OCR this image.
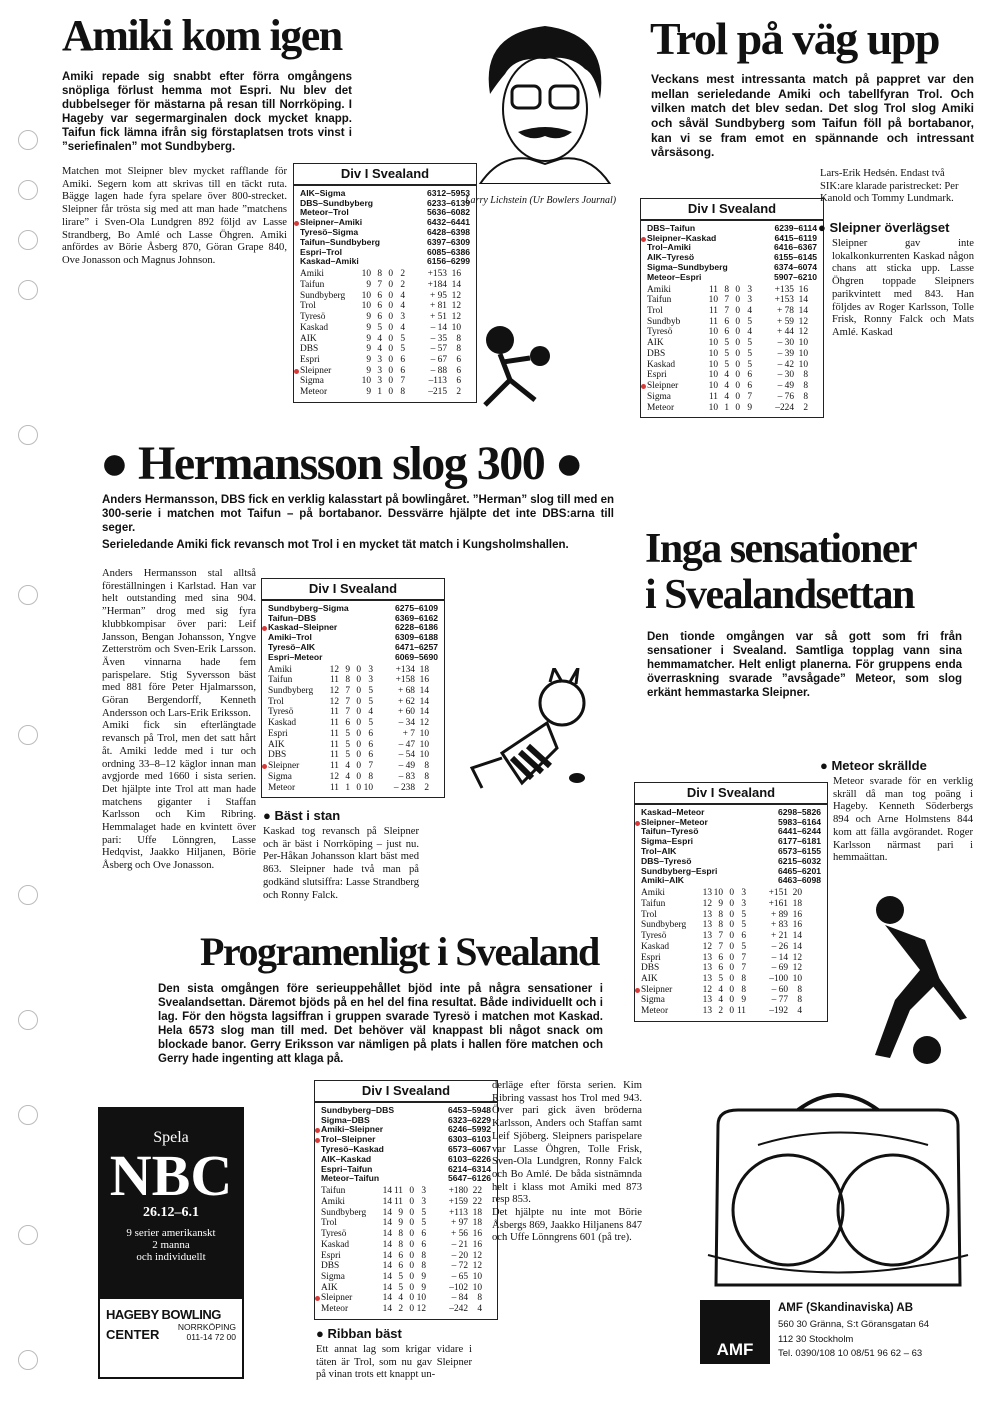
Amiki kom igen
Amiki repade sig snabbt efter förra omgångens snöpliga förlust hemma mot Espri. Nu blev det dubbelseger för mästarna på resan till Norrköping. I Hageby var segermarginalen dock mycket knapp. Taifun fick lämna ifrån sig förstaplatsen trots vinst i ”seriefinalen” mot Sundbyberg.
Matchen mot Sleipner blev mycket rafflande för Amiki. Segern kom att skrivas till en täckt ruta. Bägge lagen hade fyra spelare över 800-strecket. Sleipner får trösta sig med att man hade ”matchens lirare” i Sven-Ola Lundgren 892 följd av Lasse Strandberg, Bo Amlé och Lasse Öhgren. Amiki anfördes av Börie Åsberg 870, Göran Grape 840, Ove Jonasson och Magnus Johnson.
Div I Svealand
AIK–Sigma	6312–5953
DBS–Sundbyberg	6233–6139
Meteor–Trol	5636–6082
Sleipner–Amiki	6432–6441
Tyresö–Sigma	6428–6398
Taifun–Sundbyberg	6397–6309
Espri–Trol	6085–6386
Kaskad–Amiki	6156–6299
Amiki	10 8 0 2	+153 16
Taifun	9 7 0 2	+184 14
Sundbyberg	10 6 0 4	+ 95 12
Trol	10 6 0 4	+ 81 12
Tyresö	9 6 0 3	+ 51 12
Kaskad	9 5 0 4	– 14 10
AIK	9 4 0 5	– 35 8
DBS	9 4 0 5	– 57 8
Espri	9 3 0 6	– 67 6
Sleipner	9 3 0 6	– 88 6
Sigma	10 3 0 7	–113 6
Meteor	9 1 0 8	–215 2
Larry Lichstein (Ur Bowlers Journal)
Trol på väg upp
Veckans mest intressanta match på pappret var den mellan serieledande Amiki och tabellfyran Trol. Och vilken match det blev sedan. Det slog Trol slog Amiki och såväl Sundbyberg som Taifun föll på bortabanor, kan vi se fram emot en spännande och intressant vårsäsong.
Div I Svealand
DBS–Taifun	6239–6114
Sleipner–Kaskad	6415–6119
Trol–Amiki	6416–6367
AIK–Tyresö	6155–6145
Sigma–Sundbyberg	6374–6074
Meteor–Espri	5907–6210
Amiki	11 8 0 3	+135 16
Taifun	10 7 0 3	+153 14
Trol	11 7 0 4	+ 78 14
Sundbyb	11 6 0 5	+ 59 12
Tyresö	10 6 0 4	+ 44 12
AIK	10 5 0 5	– 30 10
DBS	10 5 0 5	– 39 10
Kaskad	10 5 0 5	– 42 10
Espri	10 4 0 6	– 30 8
Sleipner	10 4 0 6	– 49 8
Sigma	11 4 0 7	– 76 8
Meteor	10 1 0 9	–224 2
Lars-Erik Hedsén. Endast två SIK:are klarade paristrecket: Per Kanold och Tommy Lundmark.
● Sleipner överlägset
Sleipner gav inte lokalkonkurrenten Kaskad någon chans att sticka upp. Lasse Öhgren toppade Sleipners parikvintett med 843. Han följdes av Roger Karlsson, Tolle Frisk, Ronny Falck och Mats Amlé. Kaskad
● Hermansson slog 300 ●
Anders Hermansson, DBS fick en verklig kalasstart på bowlingåret. ”Herman” slog till med en 300-serie i matchen mot Taifun – på bortabanor. Dessvärre hjälpte det inte DBS:arna till seger.
Serieledande Amiki fick revansch mot Trol i en mycket tät match i Kungsholmshallen.
Anders Hermansson stal alltså föreställningen i Karlstad. Han var helt outstanding med sina 904. ”Herman” drog med sig fyra klubbkompisar över pari: Leif Jansson, Bengan Johansson, Yngve Zetterström och Sven-Erik Larsson. Även vinnarna hade fem parispelare. Stig Syversson bäst med 881 före Peter Hjalmarsson, Göran Bergendorff, Kenneth Andersson och Lars-Erik Eriksson.
Amiki fick sin efterlängtade revansch på Trol, men det satt hårt åt. Amiki ledde med i tur och ordning 33–8–12 käglor innan man avgjorde med 1660 i sista serien. Det hjälpte inte Trol att man hade matchens giganter i Staffan Karlsson och Kim Ribring. Hemmalaget hade en kvintett över pari: Uffe Lönngren, Lasse Hedqvist, Jaakko Hiljanen, Börie Åsberg och Ove Jonasson.
Div I Svealand
Sundbyberg–Sigma	6275–6109
Taifun–DBS	6369–6162
Kaskad–Sleipner	6228–6186
Amiki–Trol	6309–6188
Tyresö–AIK	6471–6257
Espri–Meteor	6069–5690
Amiki	12 9 0 3	+134 18
Taifun	11 8 0 3	+158 16
Sundbyberg	12 7 0 5	+ 68 14
Trol	12 7 0 5	+ 62 14
Tyresö	11 7 0 4	+ 60 14
Kaskad	11 6 0 5	– 34 12
Espri	11 5 0 6	+ 7 10
AIK	11 5 0 6	– 47 10
DBS	11 5 0 6	– 54 10
Sleipner	11 4 0 7	– 49 8
Sigma	12 4 0 8	– 83 8
Meteor	11 1 0 10	– 238 2
● Bäst i stan
Kaskad tog revansch på Sleipner och är bäst i Norrköping – just nu. Per-Håkan Johansson klart bäst med 863. Sleipner hade två man på godkänd slutsiffra: Lasse Strandberg och Ronny Falck.
Inga sensationer
i Svealandsettan
Den tionde omgången var så gott som fri från sensationer i Svealand. Samtliga topplag vann sina hemmamatcher. Helt enligt planerna. För gruppens enda överraskning svarade ”avsågade” Meteor, som slog erkänt hemmastarka Sleipner.
Div I Svealand
Kaskad–Meteor	6298–5826
Sleipner–Meteor	5983–6164
Taifun–Tyresö	6441–6244
Sigma–Espri	6177–6181
Trol–AIK	6573–6155
DBS–Tyresö	6215–6032
Sundbyberg–Espri	6465–6201
Amiki–AIK	6463–6098
Amiki	13 10 0 3	+151 20
Taifun	12 9 0 3	+161 18
Trol	13 8 0 5	+ 89 16
Sundbyberg	13 8 0 5	+ 83 16
Tyresö	13 7 0 6	+ 21 14
Kaskad	12 7 0 5	– 26 14
Espri	13 6 0 7	– 14 12
DBS	13 6 0 7	– 69 12
AIK	13 5 0 8	–100 10
Sleipner	12 4 0 8	– 60 8
Sigma	13 4 0 9	– 77 8
Meteor	13 2 0 11	–192 4
● Meteor skrällde
Meteor svarade för en verklig skräll då man tog poäng i Hageby. Kenneth Söderbergs 894 och Arne Holmstens 844 kom att fälla avgörandet. Roger Karlsson närmast pari i hemmaättan.
Programenligt i Svealand
Den sista omgången före serieuppehållet bjöd inte på några sensationer i Svealandsettan. Däremot bjöds på en hel del fina resultat. Både individuellt och i lag. För den högsta lagsiffran i gruppen svarade Tyresö i matchen mot Kaskad. Hela 6573 slog man till med. Det behöver väl knappast bli något snack om blockade banor. Gerry Eriksson var nämligen på plats i hallen före matchen och Gerry hade ingenting att klaga på.
Div I Svealand
Sundbyberg–DBS	6453–5948
Sigma–DBS	6323–6229
Amiki–Sleipner	6246–5992
Trol–Sleipner	6303–6103
Tyresö–Kaskad	6573–6067
AIK–Kaskad	6103–6226
Espri–Taifun	6214–6314
Meteor–Taifun	5647–6126
Taifun	14 11 0 3	+180 22
Amiki	14 11 0 3	+159 22
Sundbyberg	14 9 0 5	+113 18
Trol	14 9 0 5	+ 97 18
Tyresö	14 8 0 6	+ 56 16
Kaskad	14 8 0 6	– 21 16
Espri	14 6 0 8	– 20 12
DBS	14 6 0 8	– 72 12
Sigma	14 5 0 9	– 65 10
AIK	14 5 0 9	–102 10
Sleipner	14 4 0 10	– 84 8
Meteor	14 2 0 12	–242 4
derläge efter första serien. Kim Ribring vassast hos Trol med 943. Över pari gick även bröderna Karlsson, Anders och Staffan samt Leif Sjöberg. Sleipners parispelare var Lasse Öhgren, Tolle Frisk, Sven-Ola Lundgren, Ronny Falck och Bo Amlé. De båda sistnämnda helt i klass mot Amiki med 873 resp 853.
Det hjälpte nu inte mot Börie Åsbergs 869, Jaakko Hiljanens 847 och Uffe Lönngrens 601 (på tre).
● Ribban bäst
Ett annat lag som krigar vidare i täten är Trol, som nu gav Sleipner på vinan trots ett knappt un-
Spela
NBC
26.12–6.1
9 serier amerikanskt
2 manna
och individuellt
HAGEBY BOWLING
CENTER NORRKÖPING
011-14 72 00
AMF
AMF (Skandinaviska) AB
560 30 Gränna, S:t Göransgatan 64
112 30 Stockholm
Tel. 0390/108 10 08/51 96 62 – 63
